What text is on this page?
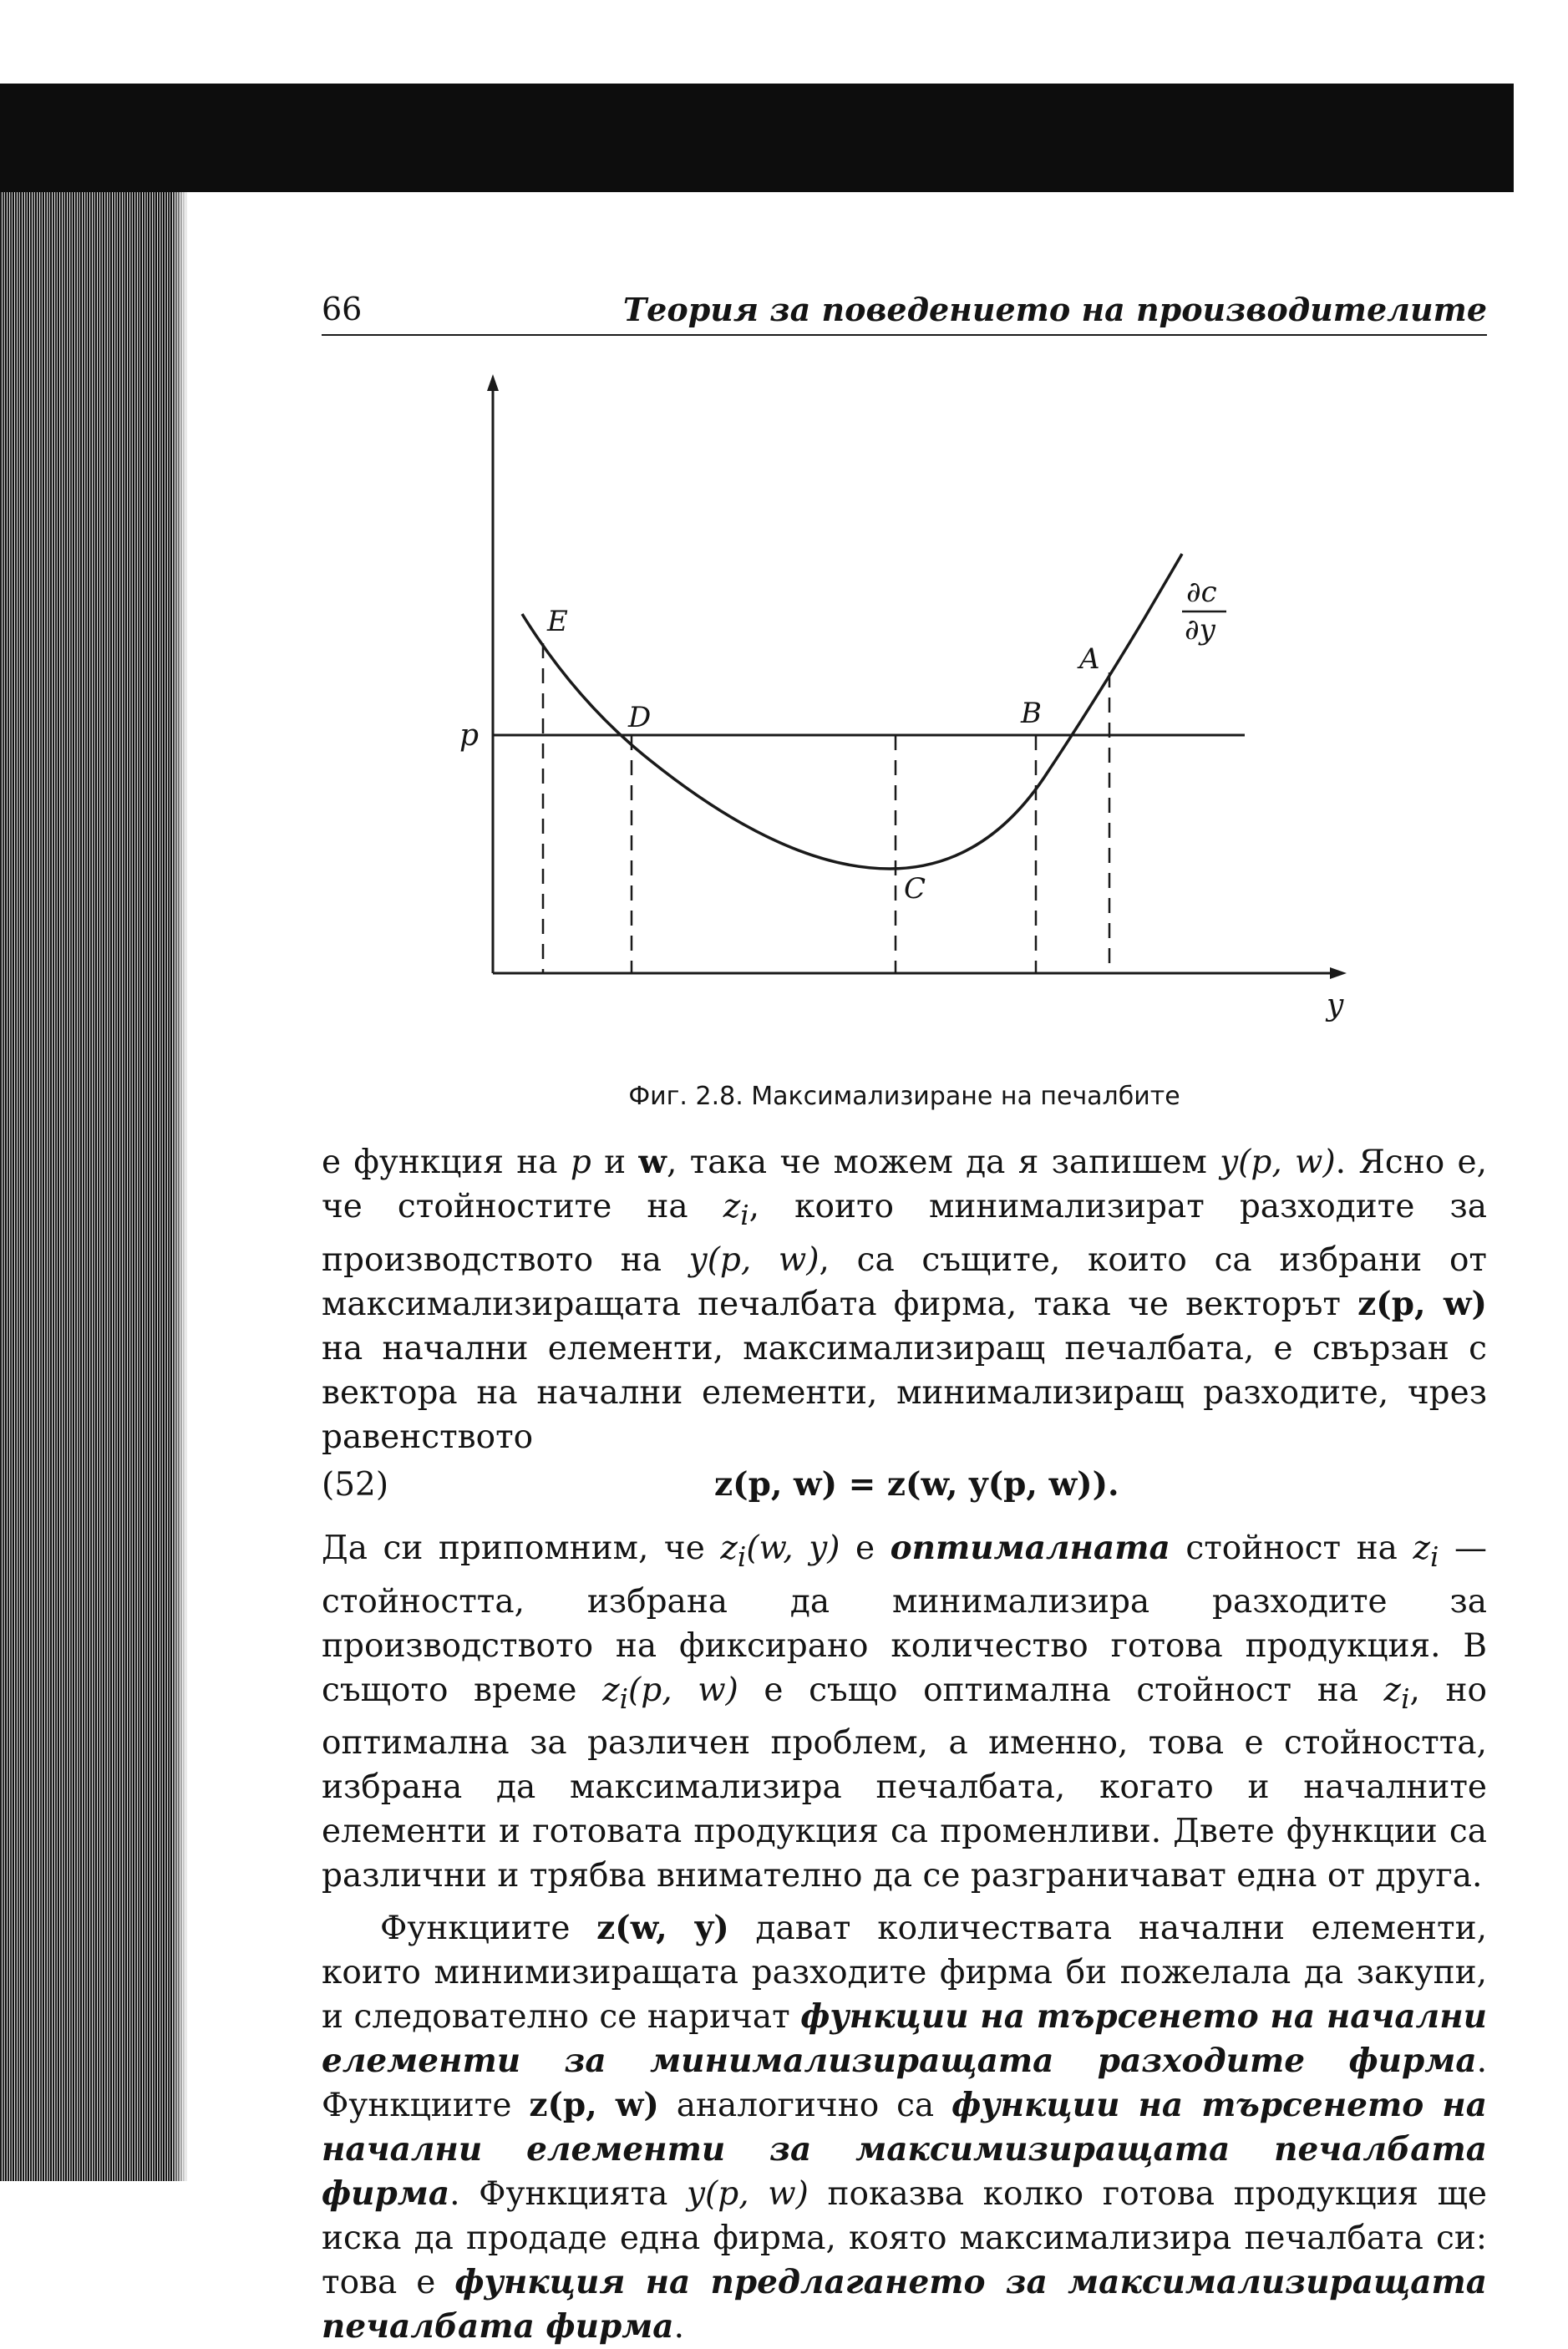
66	Теория за поведението на производителите
p
y
E
D
C
B
A
∂c
∂y
Фиг. 2.8. Максимализиране на печалбите

е функция на p и w, така че можем да я запишем y(p, w). Ясно е, че стойностите на $z_i$, които минимализират разходите за производството на y(p, w), са същите, които са избрани от максимализиращата печалбата фирма, така че векторът z(p, w) на начални елементи, максимализиращ печалбата, е свързан с вектора на начални елементи, минимализиращ разходите, чрез равенството

(52)	z(p, w) = z(w, y(p, w)).

Да си припомним, че $z_i(w$, y) е оптималната стойност на $z_i$ — стойността, избрана да минимализира разходите за производството на фиксирано количество готова продукция. В същото време $z_i(p$, w) е също оптимална стойност на $z_i$, но оптимална за различен проблем, а именно, това е стойността, избрана да максимализира печалбата, когато и началните елементи и готовата продукция са променливи. Двете функции са различни и трябва внимателно да се разграничават една от друга.

Функциите z(w, y) дават количествата начални елементи, които минимизиращата разходите фирма би пожелала да закупи, и следователно се наричат функции на търсенето на начални елементи за минимализиращата разходите фирма. Функциите z(p, w) аналогично са функции на търсенето на начални елементи за максимизиращата печалбата фирма. Функцията y(p, w) показва колко готова продукция ще иска да продаде една фирма, която максимализира печалбата си: това е функция на предлагането за максимализиращата печалбата фирма.
